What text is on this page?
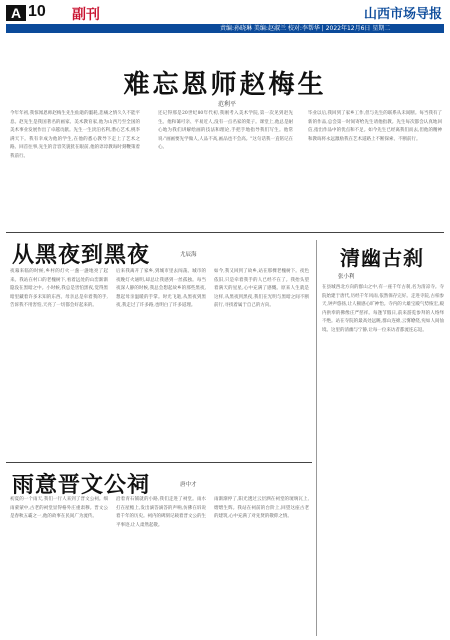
A 10 副刊	山西市场导报
责编:孙晓琳 美编:赵淑兰 校对:李帮华 | 2022年12月6日 星期二
难忘恩师赵梅生
范利平
今年年初,我惊闻恩师赵梅生先生仙逝的噩耗,悲痛之情久久不能平息。赵先生是我国著名的画家、美术教育家,他为山西乃至全国的美术事业发展作出了卓越贡献。先生一生淡泊名利,潜心艺术,桃李满天下。我有幸成为他的学生,在他的悉心教导下走上了艺术之路。回首往事,先生的音容笑貌犹在眼前,他的谆谆教诲时刻鞭策着我前行。
还记得那是20世纪80年代初,我刚考入美术学院,第一次见到赵先生。他和蔼可亲、平易近人,没有一点名家的架子。课堂上,他总是耐心地为我们讲解绘画的技法和理论,手把手地指导我们写生。他常说:"画画要先学做人,人品不高,画品也不会高。"这句话我一直铭记在心。
毕业以后,我回到了家乡工作,但与先生的联系从未间断。每当我有了新的作品,总会第一时间寄给先生请他指教。先生每次都会认真地回信,指出作品中的优点和不足。如今先生已经离我们而去,但他的精神和教诲将永远激励我在艺术道路上不断探索、不断前行。
从黑夜到黑夜	尤辰海
夜幕来临的时候,乡村的灯火一盏一盏地亮了起来。我站在村口的老槐树下,看着远处的山峦渐渐隐没在黑暗之中。小时候,我总是害怕黑夜,觉得黑暗里藏着许多未知的东西。母亲总是牵着我的手,告诉我不用害怕,天亮了一切都会好起来的。
后来我离开了家乡,到城市里去闯荡。城市的夜晚灯火通明,却总让我感到一丝孤独。每当夜深人静的时候,我总会想起故乡的那些黑夜,想起母亲温暖的手掌。时光飞逝,从黑夜到黑夜,我走过了许多路,也明白了许多道理。
如今,我又回到了故乡,站在那棵老槐树下。夜色依旧,只是牵着我手的人已经不在了。我抬头望着满天的星星,心中充满了感慨。原来人生就是这样,从黑夜到黑夜,我们在光明与黑暗之间不断前行,寻找着属于自己的方向。
清幽古刹
张小利
在县城西北方向的群山之中,有一座千年古刹,名为清凉寺。寺院始建于唐代,历经千年风雨,依然保存完好。走进寺院,古柏参天,钟声悠扬,让人顿感心旷神怡。寺内的大雄宝殿气势恢宏,殿内供奉的佛像庄严慈祥。每逢节假日,前来游览参拜的人络绎不绝。站在寺院的最高处远眺,群山连绵,云雾缭绕,宛如人间仙境。这里的清幽与宁静,让每一位来访者都流连忘返。
雨意晋文公祠	唐中才
初夏的一个雨天,我们一行人来到了晋文公祠。细雨蒙蒙中,古老的祠堂显得格外庄重肃穆。晋文公是春秋五霸之一,他的故事在民间广为流传。
沿着青石铺就的小路,我们走进了祠堂。雨水打在屋檐上,发出滴答滴答的声响,仿佛在诉说着千年的历史。祠内的碑刻记载着晋文公的生平事迹,让人肃然起敬。
雨渐渐停了,阳光透过云层洒在祠堂的琉璃瓦上,熠熠生辉。我站在祠前的台阶上,回望这座古老的建筑,心中充满了对先贤的敬仰之情。
